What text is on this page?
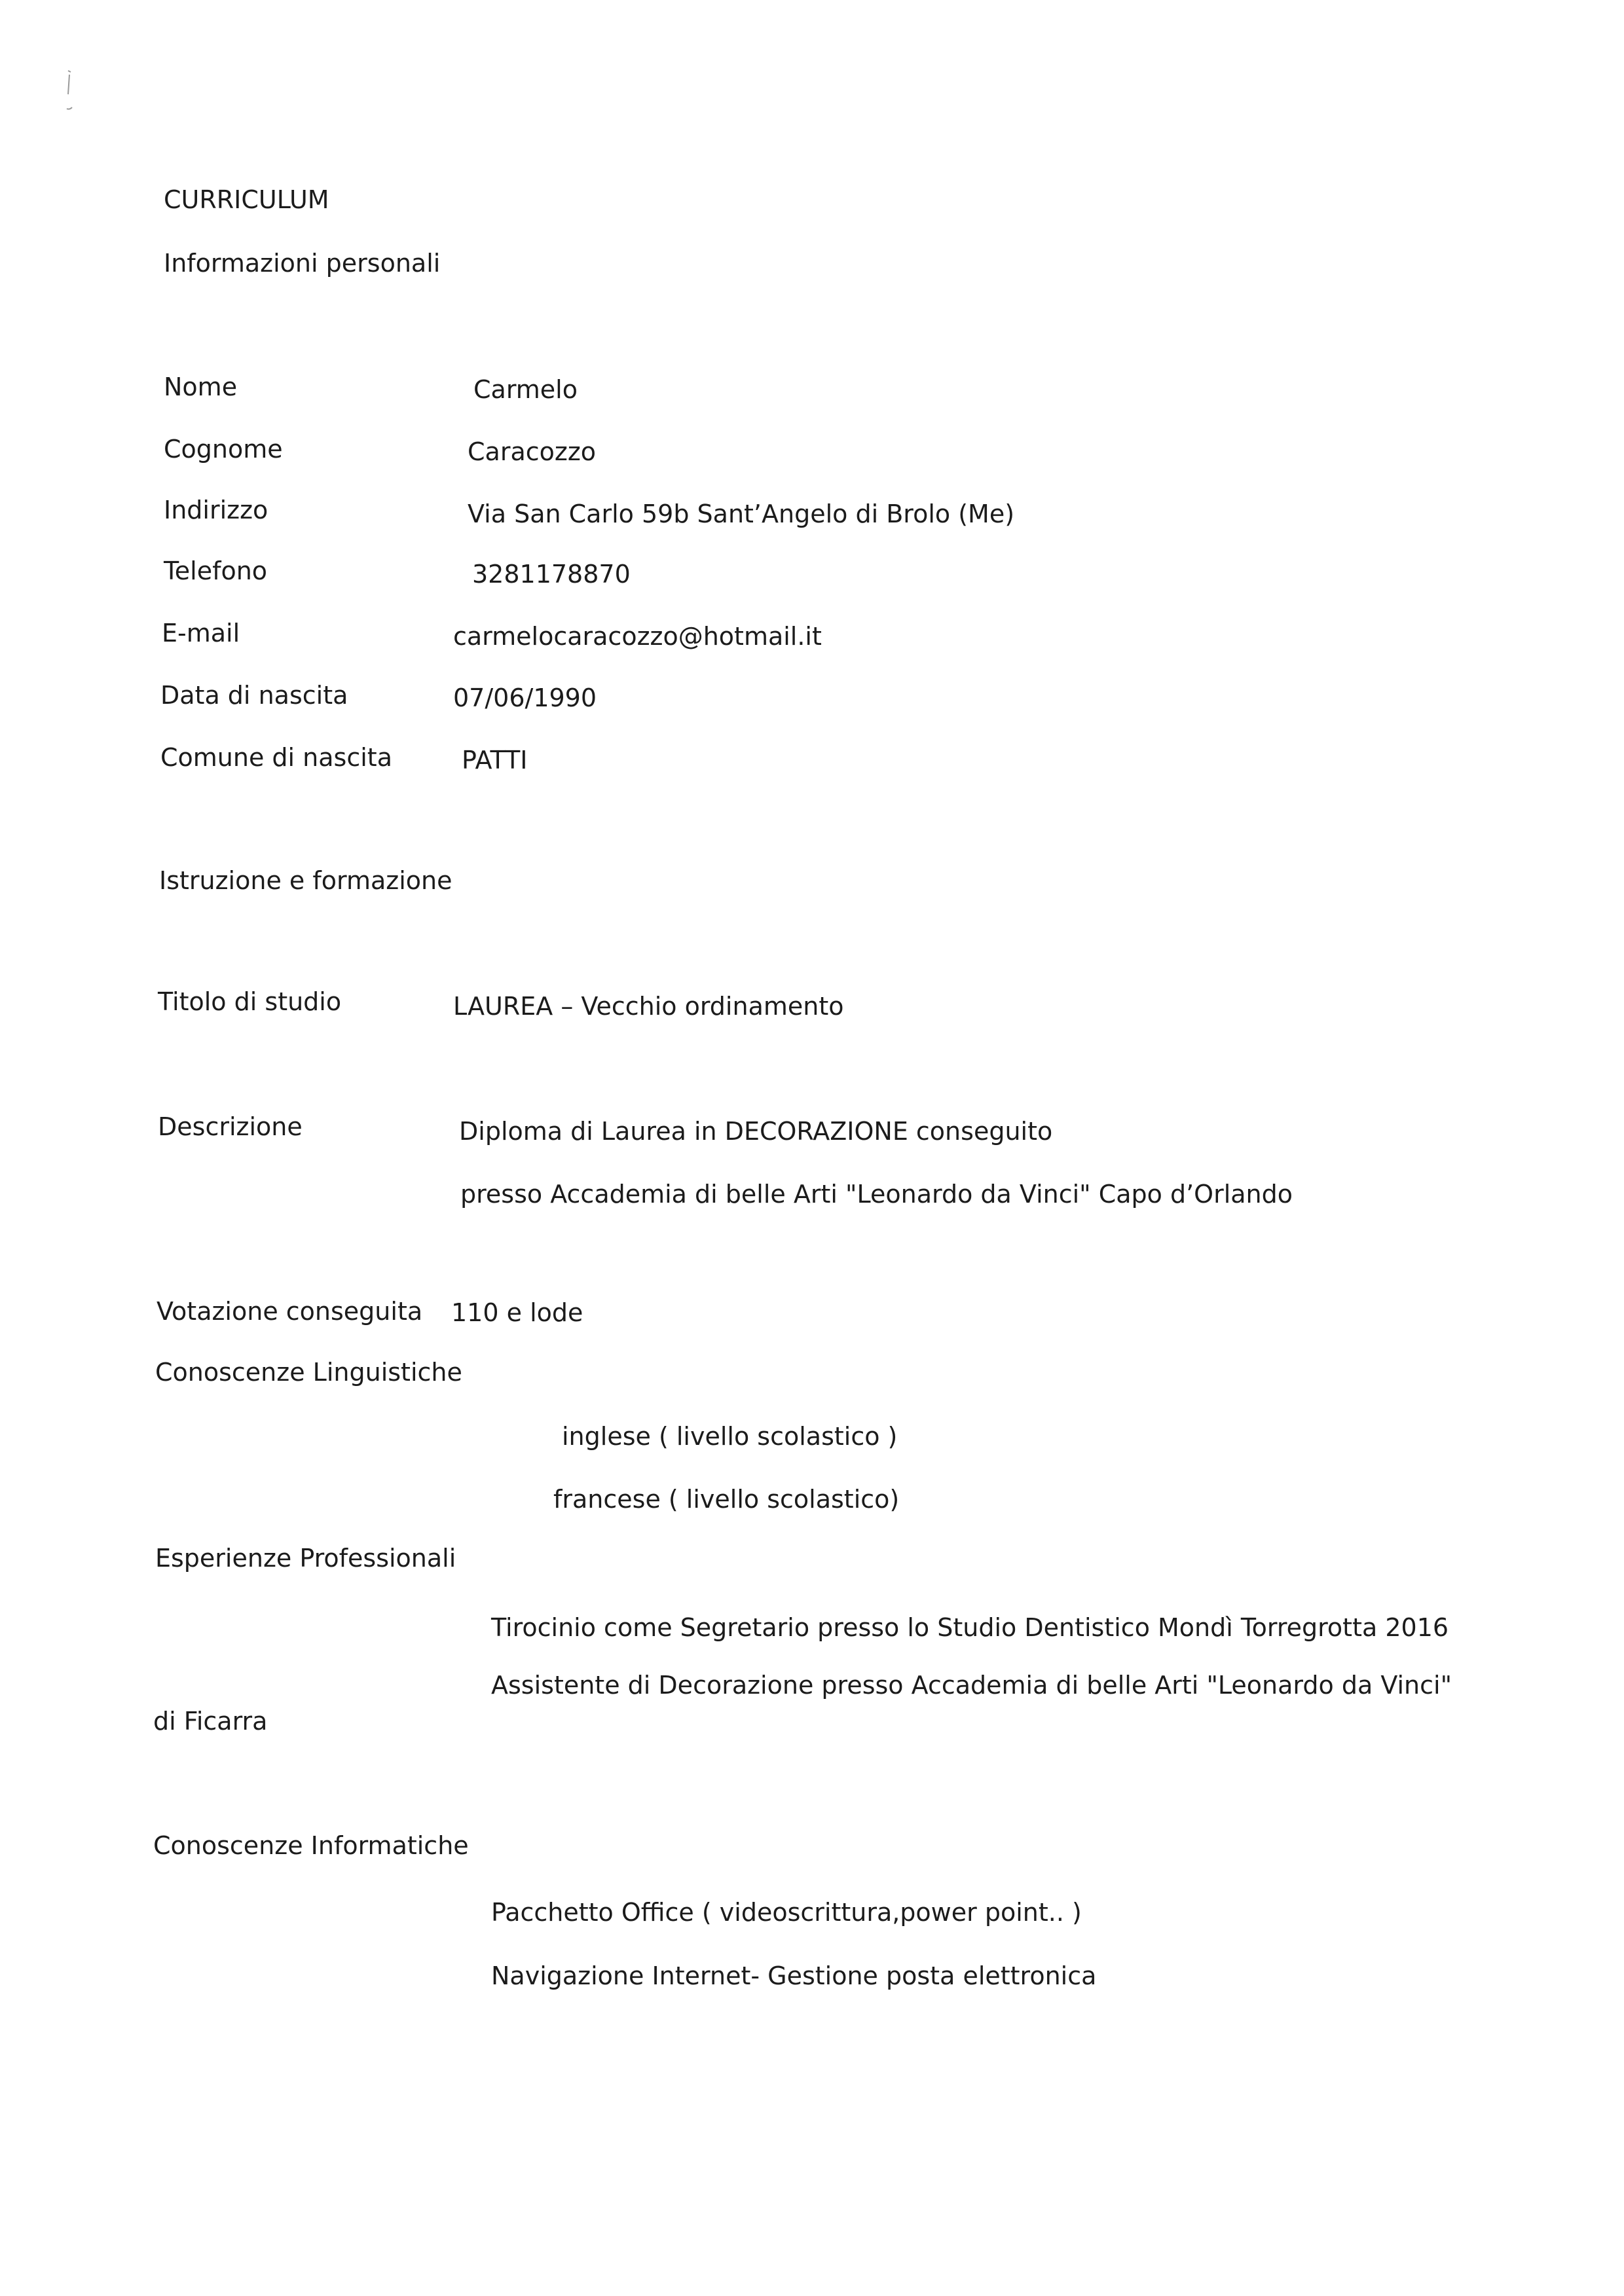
CURRICULUM
Informazioni personali
Nome	Carmelo
Cognome	Caracozzo
Indirizzo	Via San Carlo 59b Sant’Angelo di Brolo (Me)
Telefono	3281178870
E-mail	carmelocaracozzo@hotmail.it
Data di nascita	07/06/1990
Comune di nascita	PATTI
Istruzione e formazione
Titolo di studio	LAUREA – Vecchio ordinamento
Descrizione	Diploma di Laurea in DECORAZIONE conseguito
presso Accademia di belle Arti "Leonardo da Vinci" Capo d’Orlando
Votazione conseguita 110 e lode
Conoscenze Linguistiche
inglese ( livello scolastico )
francese ( livello scolastico)
Esperienze Professionali
Tirocinio come Segretario presso lo Studio Dentistico Mondì Torregrotta 2016
Assistente di Decorazione presso Accademia di belle Arti "Leonardo da Vinci"
di Ficarra
Conoscenze Informatiche
Pacchetto Office ( videoscrittura,power point.. )
Navigazione Internet- Gestione posta elettronica
